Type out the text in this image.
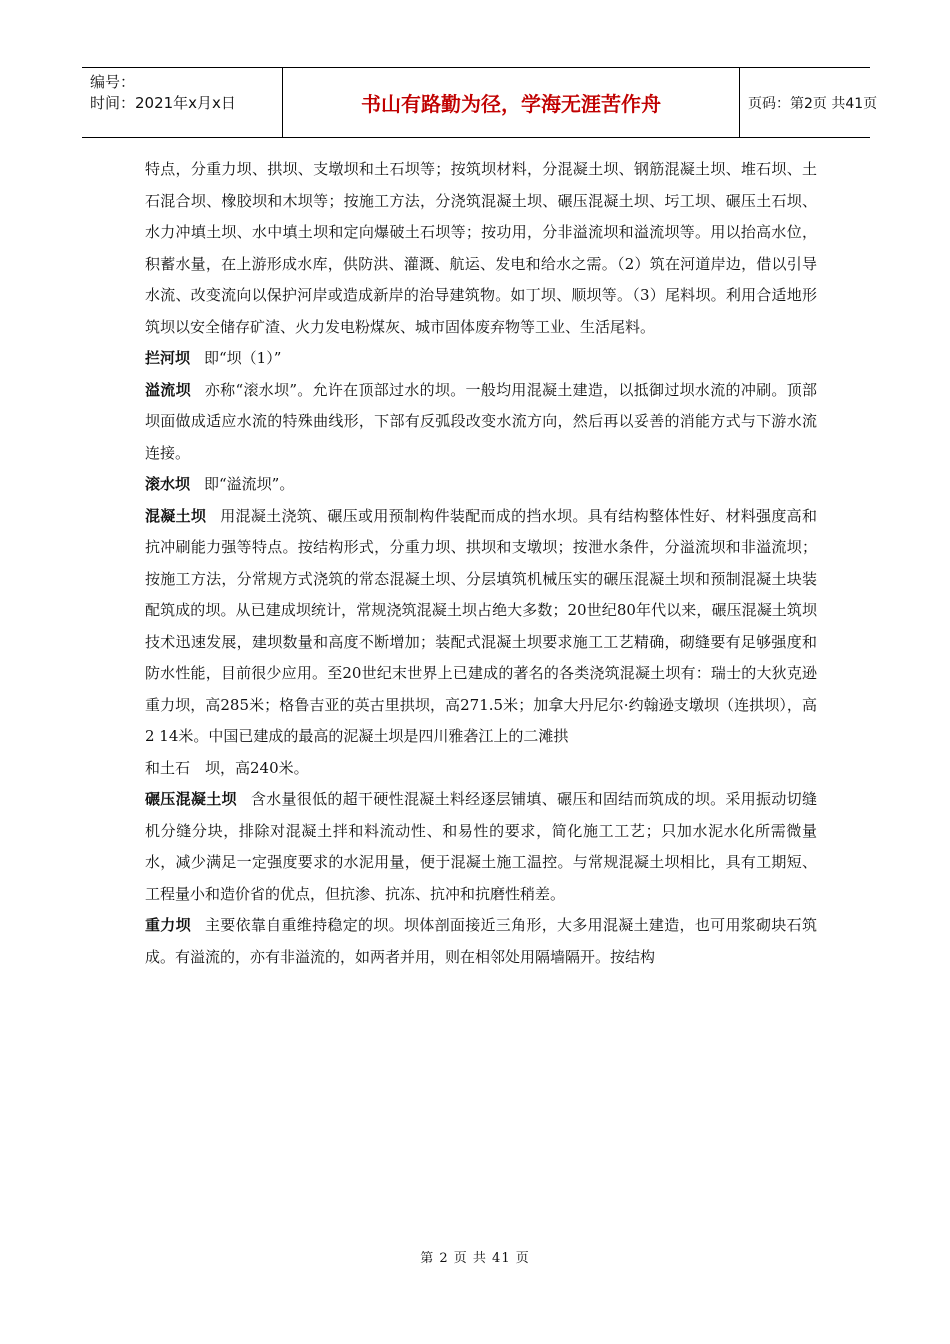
编号：
时间：2021年x月x日	书山有路勤为径，学海无涯苦作舟	页码：第2页 共41页

特点，分重力坝、拱坝、支墩坝和土石坝等；按筑坝材料，分混凝土坝、钢筋混凝土坝、堆石坝、土石混合坝、橡胶坝和木坝等；按施工方法，分浇筑混凝土坝、碾压混凝土坝、圬工坝、碾压土石坝、水力冲填土坝、水中填土坝和定向爆破土石坝等；按功用，分非溢流坝和溢流坝等。用以抬高水位，积蓄水量，在上游形成水库，供防洪、灌溉、航运、发电和给水之需。（2）筑在河道岸边，借以引导水流、改变流向以保护河岸或造成新岸的治导建筑物。如丁坝、顺坝等。（3）尾料坝。利用合适地形筑坝以安全储存矿渣、火力发电粉煤灰、城市固体废弃物等工业、生活尾料。

拦河坝 即“坝（1）”

溢流坝 亦称“滚水坝”。允许在顶部过水的坝。一般均用混凝土建造，以抵御过坝水流的冲刷。顶部坝面做成适应水流的特殊曲线形，下部有反弧段改变水流方向，然后再以妥善的消能方式与下游水流连接。

滚水坝 即“溢流坝”。

混凝土坝 用混凝土浇筑、碾压或用预制构件装配而成的挡水坝。具有结构整体性好、材料强度高和抗冲刷能力强等特点。按结构形式，分重力坝、拱坝和支墩坝；按泄水条件，分溢流坝和非溢流坝；按施工方法，分常规方式浇筑的常态混凝土坝、分层填筑机械压实的碾压混凝土坝和预制混凝土块装配筑成的坝。从已建成坝统计，常规浇筑混凝土坝占绝大多数；20世纪80年代以来，碾压混凝土筑坝技术迅速发展，建坝数量和高度不断增加；装配式混凝土坝要求施工工艺精确，砌缝要有足够强度和防水性能，目前很少应用。至20世纪末世界上已建成的著名的各类浇筑混凝土坝有：瑞士的大狄克逊重力坝，高285米；格鲁吉亚的英古里拱坝，高271.5米；加拿大丹尼尔·约翰逊支墩坝（连拱坝），高2 14米。中国已建成的最高的泥凝土坝是四川雅砻江上的二滩拱

和土石　坝，高240米。

碾压混凝土坝 含水量很低的超干硬性混凝土料经逐层铺填、碾压和固结而筑成的坝。采用振动切缝机分缝分块，排除对混凝土拌和料流动性、和易性的要求，简化施工工艺；只加水泥水化所需微量水，减少满足一定强度要求的水泥用量，便于混凝土施工温控。与常规混凝土坝相比，具有工期短、工程量小和造价省的优点，但抗渗、抗冻、抗冲和抗磨性稍差。

重力坝 主要依靠自重维持稳定的坝。坝体剖面接近三角形，大多用混凝土建造，也可用浆砌块石筑成。有溢流的，亦有非溢流的，如两者并用，则在相邻处用隔墙隔开。按结构

第 2 页 共 41 页
